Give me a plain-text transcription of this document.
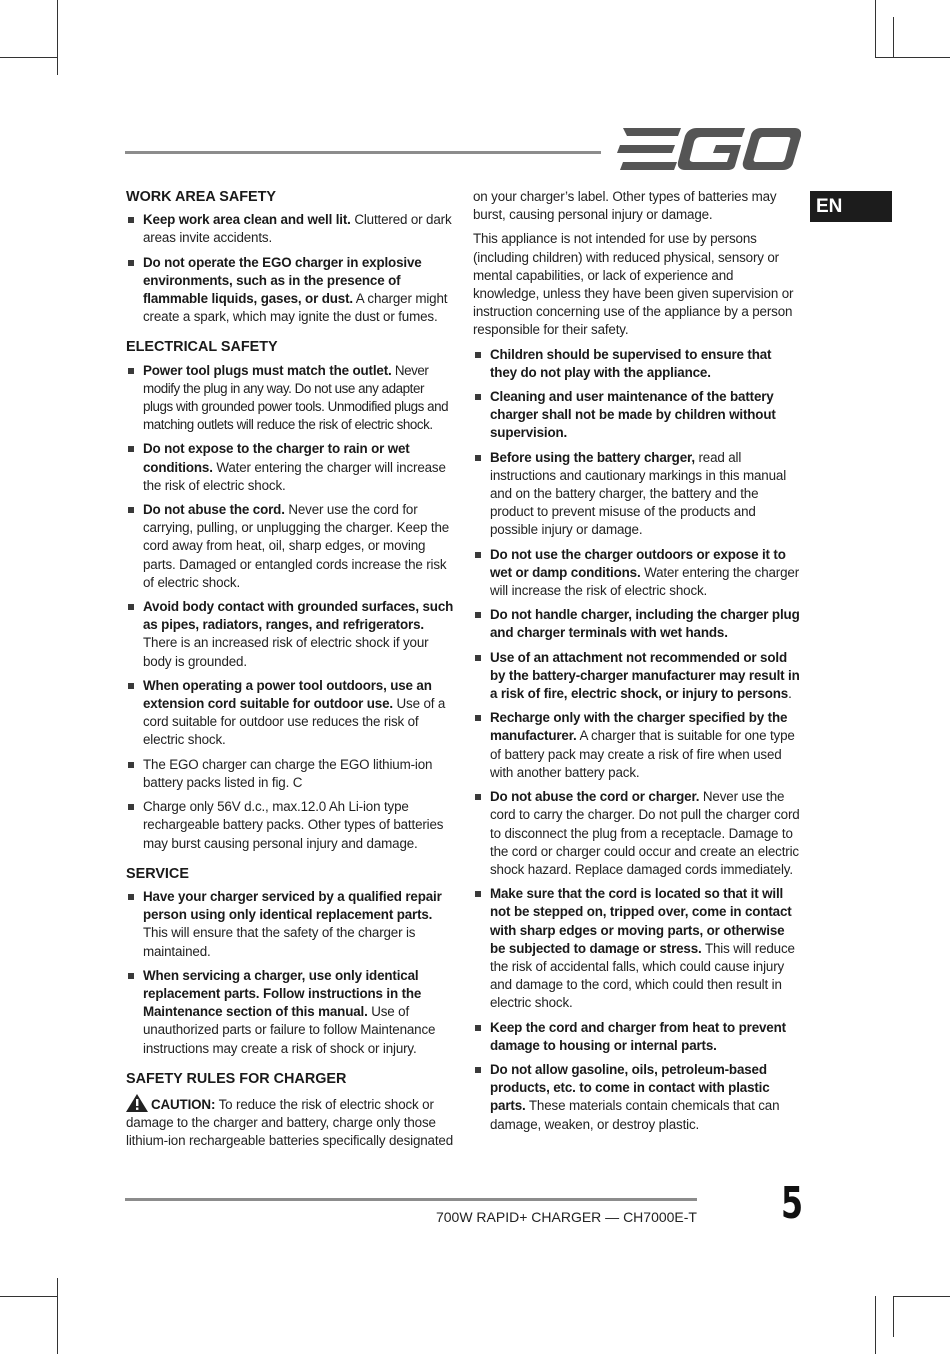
EN
WORK AREA SAFETY
Keep work area clean and well lit. Cluttered or dark areas invite accidents.
Do not operate the EGO charger in explosive environments, such as in the presence of flammable liquids, gases, or dust. A charger might create a spark, which may ignite the dust or fumes.
ELECTRICAL SAFETY
Power tool plugs must match the outlet. Never modify the plug in any way. Do not use any adapter plugs with grounded power tools. Unmodified plugs and matching outlets will reduce the risk of electric shock.
Do not expose to the charger to rain or wet conditions. Water entering the charger will increase the risk of electric shock.
Do not abuse the cord. Never use the cord for carrying, pulling, or unplugging the charger. Keep the cord away from heat, oil, sharp edges, or moving parts. Damaged or entangled cords increase the risk of electric shock.
Avoid body contact with grounded surfaces, such as pipes, radiators, ranges, and refrigerators. There is an increased risk of electric shock if your body is grounded.
When operating a power tool outdoors, use an extension cord suitable for outdoor use. Use of a cord suitable for outdoor use reduces the risk of electric shock.
The EGO charger can charge the EGO lithium-ion battery packs listed in fig. C
Charge only 56V d.c., max.12.0 Ah Li-ion type rechargeable battery packs. Other types of batteries may burst causing personal injury and damage.
SERVICE
Have your charger serviced by a qualified repair person using only identical replacement parts. This will ensure that the safety of the charger is maintained.
When servicing a charger, use only identical replacement parts. Follow instructions in the Maintenance section of this manual. Use of unauthorized parts or failure to follow Maintenance instructions may create a risk of shock or injury.
SAFETY RULES FOR CHARGER

CAUTION: To reduce the risk of electric shock or damage to the charger and battery, charge only those lithium-ion rechargeable batteries specifically designated

on your charger’s label. Other types of batteries may burst, causing personal injury or damage.

This appliance is not intended for use by persons (including children) with reduced physical, sensory or mental capabilities, or lack of experience and knowledge, unless they have been given supervision or instruction concerning use of the appliance by a person responsible for their safety.

Children should be supervised to ensure that they do not play with the appliance.
Cleaning and user maintenance of the battery charger shall not be made by children without supervision.
Before using the battery charger, read all instructions and cautionary markings in this manual and on the battery charger, the battery and the product to prevent misuse of the products and possible injury or damage.
Do not use the charger outdoors or expose it to wet or damp conditions. Water entering the charger will increase the risk of electric shock.
Do not handle charger, including the charger plug and charger terminals with wet hands.
Use of an attachment not recommended or sold by the battery-charger manufacturer may result in a risk of fire, electric shock, or injury to persons.
Recharge only with the charger specified by the manufacturer. A charger that is suitable for one type of battery pack may create a risk of fire when used with another battery pack.
Do not abuse the cord or charger. Never use the cord to carry the charger. Do not pull the charger cord to disconnect the plug from a receptacle. Damage to the cord or charger could occur and create an electric shock hazard. Replace damaged cords immediately.
Make sure that the cord is located so that it will not be stepped on, tripped over, come in contact with sharp edges or moving parts, or otherwise be subjected to damage or stress. This will reduce the risk of accidental falls, which could cause injury and damage to the cord, which could then result in electric shock.
Keep the cord and charger from heat to prevent damage to housing or internal parts.
Do not allow gasoline, oils, petroleum-based products, etc. to come in contact with plastic parts. These materials contain chemicals that can damage, weaken, or destroy plastic.
700W RAPID+ CHARGER — CH7000E-T 5
